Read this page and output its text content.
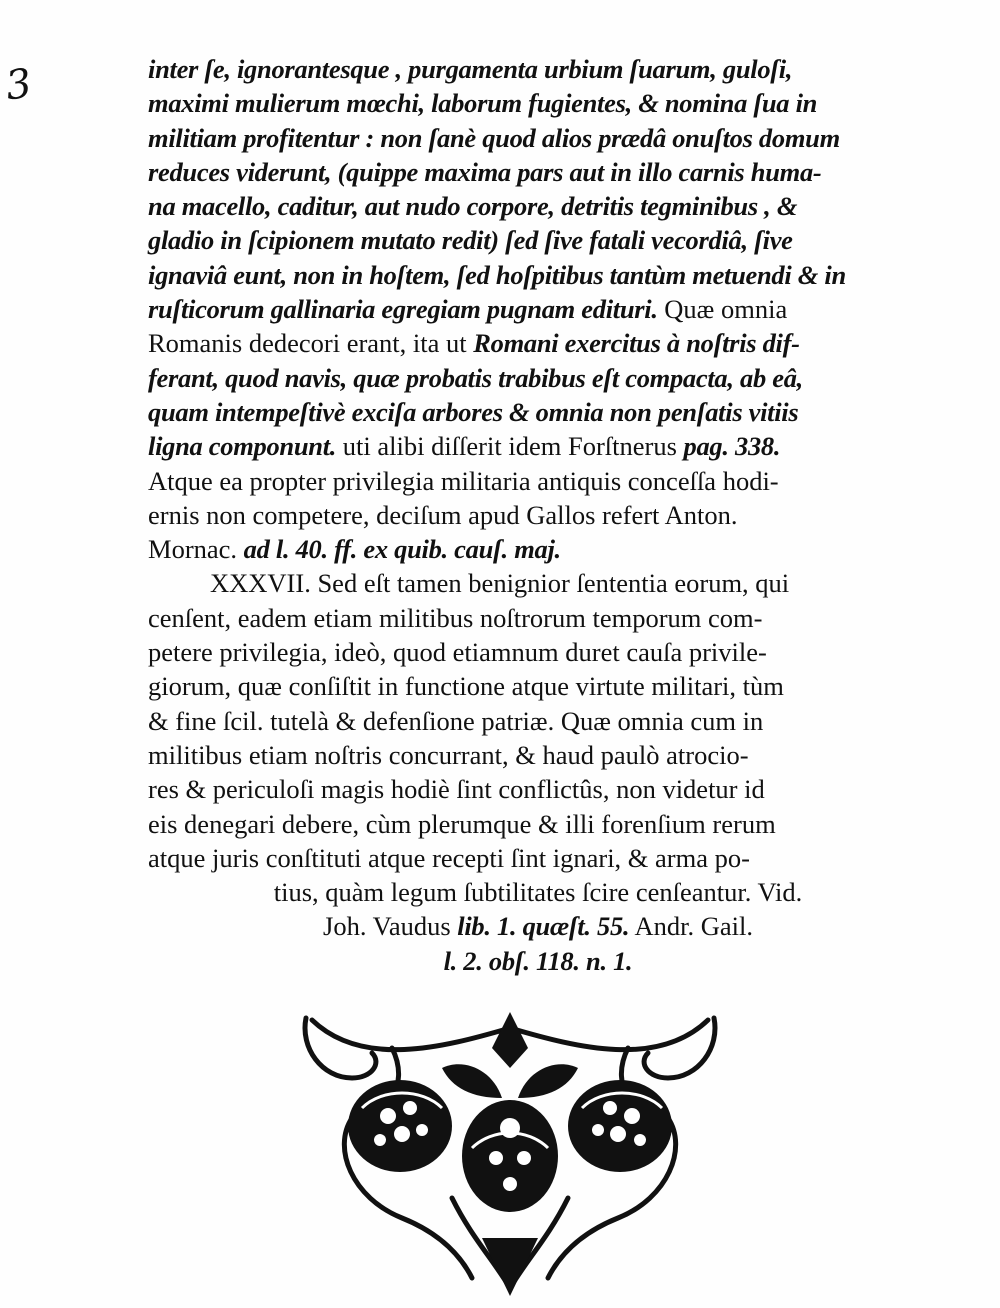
3	inter ſe, ignorantesque , purgamenta urbium ſuarum, guloſi,
maximi mulierum mœchi, laborum fugientes, & nomina ſua in
militiam profitentur : non ſanè quod alios prædâ onuſtos domum
reduces viderunt, (quippe maxima pars aut in illo carnis huma-
na macello, caditur, aut nudo corpore, detritis tegminibus , &
gladio in ſcipionem mutato redit) ſed ſive fatali vecordiâ, ſive
ignaviâ eunt, non in hoſtem, ſed hoſpitibus tantùm metuendi & in
ruſticorum gallinaria egregiam pugnam edituri. Quæ omnia
Romanis dedecori erant, ita ut Romani exercitus à noſtris dif-
ferant, quod navis, quæ probatis trabibus eſt compacta, ab eâ,
quam intempeſtivè exciſa arbores & omnia non penſatis vitiis
ligna componunt. uti alibi diſſerit idem Forſtnerus pag. 338.
Atque ea propter privilegia militaria antiquis conceſſa hodi-
ernis non competere, deciſum apud Gallos refert Anton.
Mornac. ad l. 40. ff. ex quib. cauſ. maj.
XXXVII. Sed eſt tamen benignior ſententia eorum, qui
cenſent, eadem etiam militibus noſtrorum temporum com-
petere privilegia, ideò, quod etiamnum duret cauſa privile-
giorum, quæ conſiſtit in functione atque virtute militari, tùm
& fine ſcil. tutelà & defenſione patriæ. Quæ omnia cum in
militibus etiam noſtris concurrant, & haud paulò atrocio-
res & periculoſi magis hodiè ſint conflictûs, non videtur id
eis denegari debere, cùm plerumque & illi forenſium rerum
atque juris conſtituti atque recepti ſint ignari, & arma po-
tius, quàm legum ſubtilitates ſcire cenſeantur. Vid.
Joh. Vaudus lib. 1. quæſt. 55. Andr. Gail.
l. 2. obſ. 118. n. 1.
